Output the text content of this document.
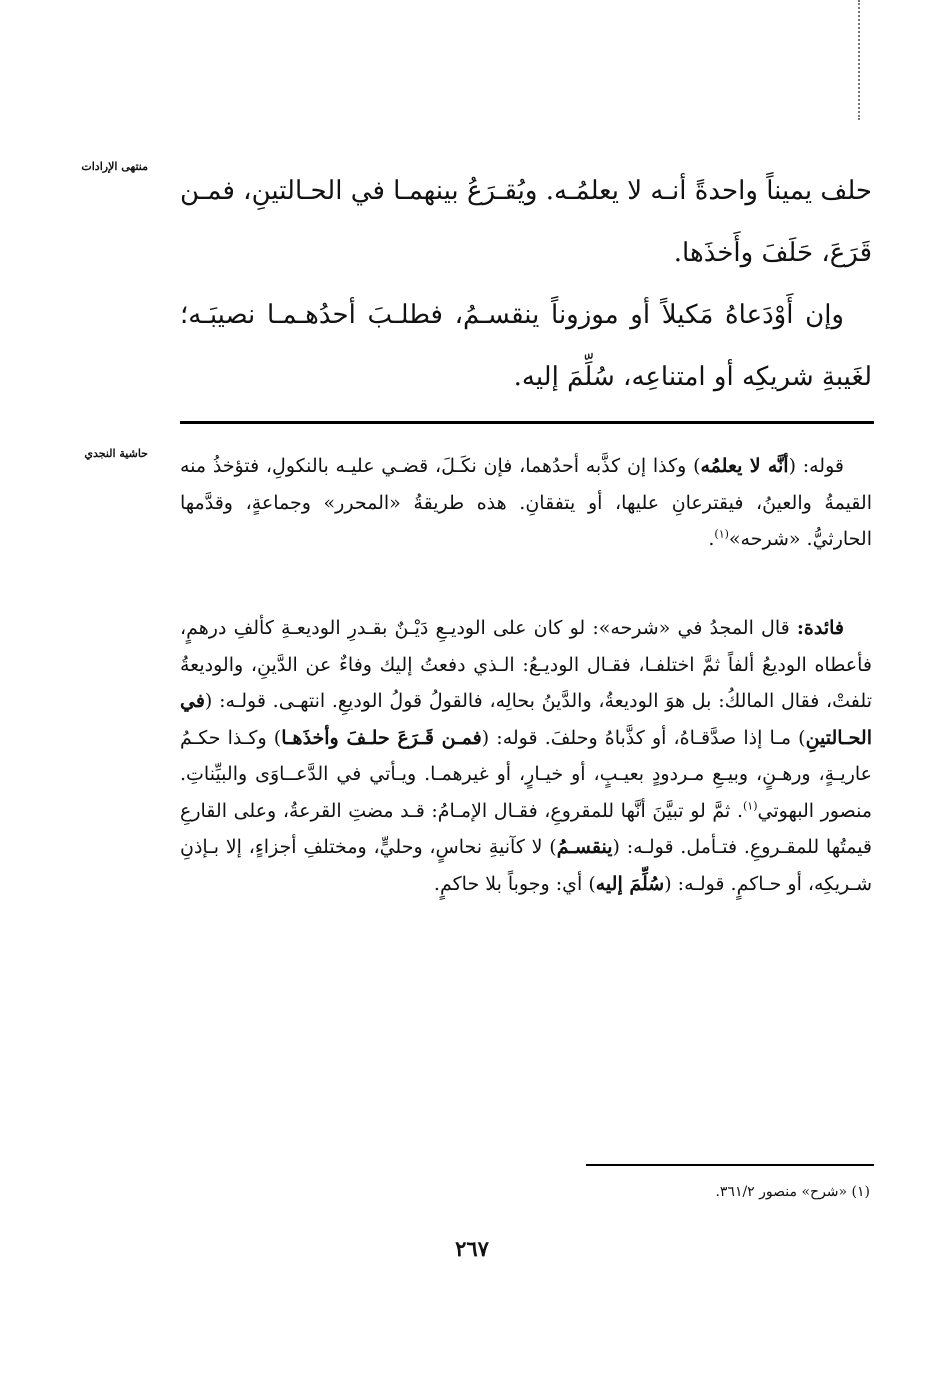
منتهى الإرادات
حاشية النجدي

حلف يميناً واحدةً أنـه لا يعلمُـه. ويُقـرَعُ بينهمـا في الحـالتينِ، فمـن قَرَعَ، حَلَفَ وأَخذَها.

وإن أَوْدَعاهُ مَكيلاً أو موزوناً ينقسـمُ، فطلـبَ أحدُهـمـا نصيبَـه؛ لغَيبةِ شريكِه أو امتناعِه، سُلِّمَ إليه.

قوله: (أنَّه لا يعلمُه) وكذا إن كذَّبه أحدُهما، فإن نكَـلَ، قضـي عليـه بالنكولِ، فتؤخذُ منه القيمةُ والعينُ، فيقترعانِ عليها، أو يتفقانِ. هذه طريقةُ «المحرر» وجماعةٍ، وقدَّمها الحارثيُّ. «شرحه»$^{(١)}$.

فائدة: قال المجدُ في «شرحه»: لو كان على الوديـعِ دَيْـنٌ بقـدرِ الوديعـةِ كألفِ درهمٍ، فأعطاه الوديعُ ألفاً ثمَّ اختلفـا، فقـال الوديـعُ: الـذي دفعتُ إليك وفاءٌ عن الدَّينِ، والوديعةُ تلفتْ، فقال المالكُ: بل هوَ الوديعةُ، والدَّينُ بحالِه، فالقولُ قولُ الوديعِ. انتهـى. قولـه: (في الحـالتينِ) مـا إذا صدَّقـاهُ، أو كذَّباهُ وحلفَ. قوله: (فمـن قَـرَعَ حلـفَ وأخذَهـا) وكـذا حكـمُ عاريـةٍ، ورهـنٍ، وبيـعِ مـردودٍ بعيـبٍ، أو خيـارٍ، أو غيرهمـا. ويـأتي في الدَّعــاوَى والبيِّناتِ. منصور البهوتي$^{(١)}$. ثمَّ لو تبيَّنَ أنَّها للمقروعِ، فقـال الإمـامُ: قـد مضتِ القرعةُ، وعلى القارعِ قيمتُها للمقـروعِ. فتـأمل. قولـه: (ينقسـمُ) لا كآنيةِ نحاسٍ، وحليٍّ، ومختلفِ أجزاءٍ، إلا بـإذنِ شـريكِه، أو حـاكمٍ. قولـه: (سُلِّمَ إليه) أي: وجوباً بلا حاكمٍ.

(١) «شرح» منصور ٣٦١/٢.
٢٦٧
